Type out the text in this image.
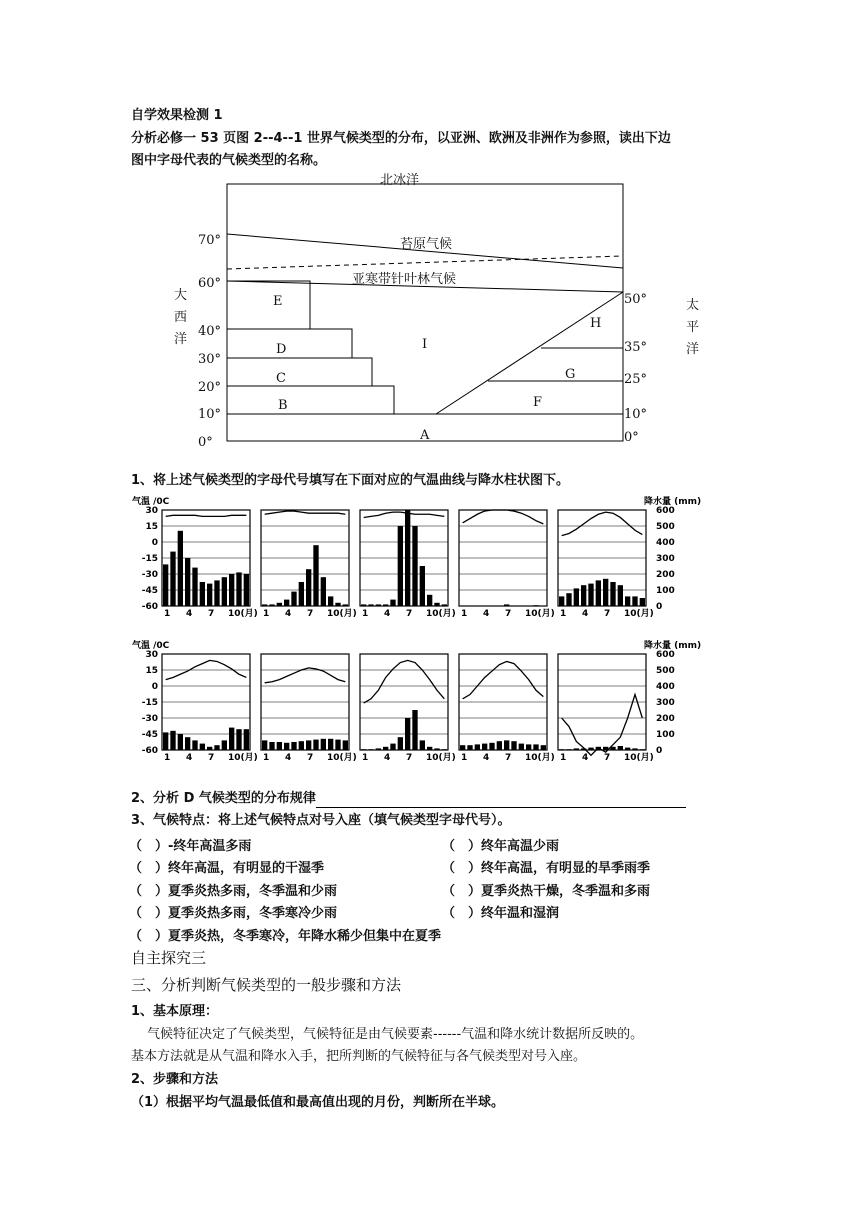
自学效果检测 1
分析必修一 53 页图 2--4--1 世界气候类型的分布，以亚洲、欧洲及非洲作为参照，读出下边
图中字母代表的气候类型的名称。
北冰洋
苔原气候
亚寒带针叶林气候
大
西
洋
太
平
洋
70°
60°
40°
30°
20°
10°
0°
50°
35°
25°
10°
0°
E
D
C
B
A
I
H
G
F
1、将上述气候类型的字母代号填写在下面对应的气温曲线与降水柱状图下。
气温 /0C	降水量 (mm)
30	600
15	500
0	400
-15	300
-30	200
-45	100
-60	0
1 4 7 10(月) 1 4 7 10(月) 1 4 7 10(月) 1 4 7 10(月) 1 4 7 10(月)
气温 /0C	降水量 (mm)
30	600
15	500
0	400
-15	300
-30	200
-45	100
-60	0
1 4 7 10(月) 1 4 7 10(月) 1 4 7 10(月) 1 4 7 10(月) 1 4 7 10(月)
2、分析 D 气候类型的分布规律
3、气候特点：将上述气候特点对号入座（填气候类型字母代号）。
（　）-终年高温多雨
（　）终年高温，有明显的干湿季
（　）夏季炎热多雨，冬季温和少雨
（　）夏季炎热多雨，冬季寒冷少雨
（　）夏季炎热，冬季寒冷，年降水稀少但集中在夏季
（　）终年高温少雨
（　）终年高温，有明显的旱季雨季
（　）夏季炎热干燥，冬季温和多雨
（　）终年温和湿润
自主探究三
三、分析判断气候类型的一般步骤和方法
1、基本原理：
气候特征决定了气候类型，气候特征是由气候要素------气温和降水统计数据所反映的。
基本方法就是从气温和降水入手，把所判断的气候特征与各气候类型对号入座。
2、步骤和方法
（1）根据平均气温最低值和最高值出现的月份，判断所在半球。
